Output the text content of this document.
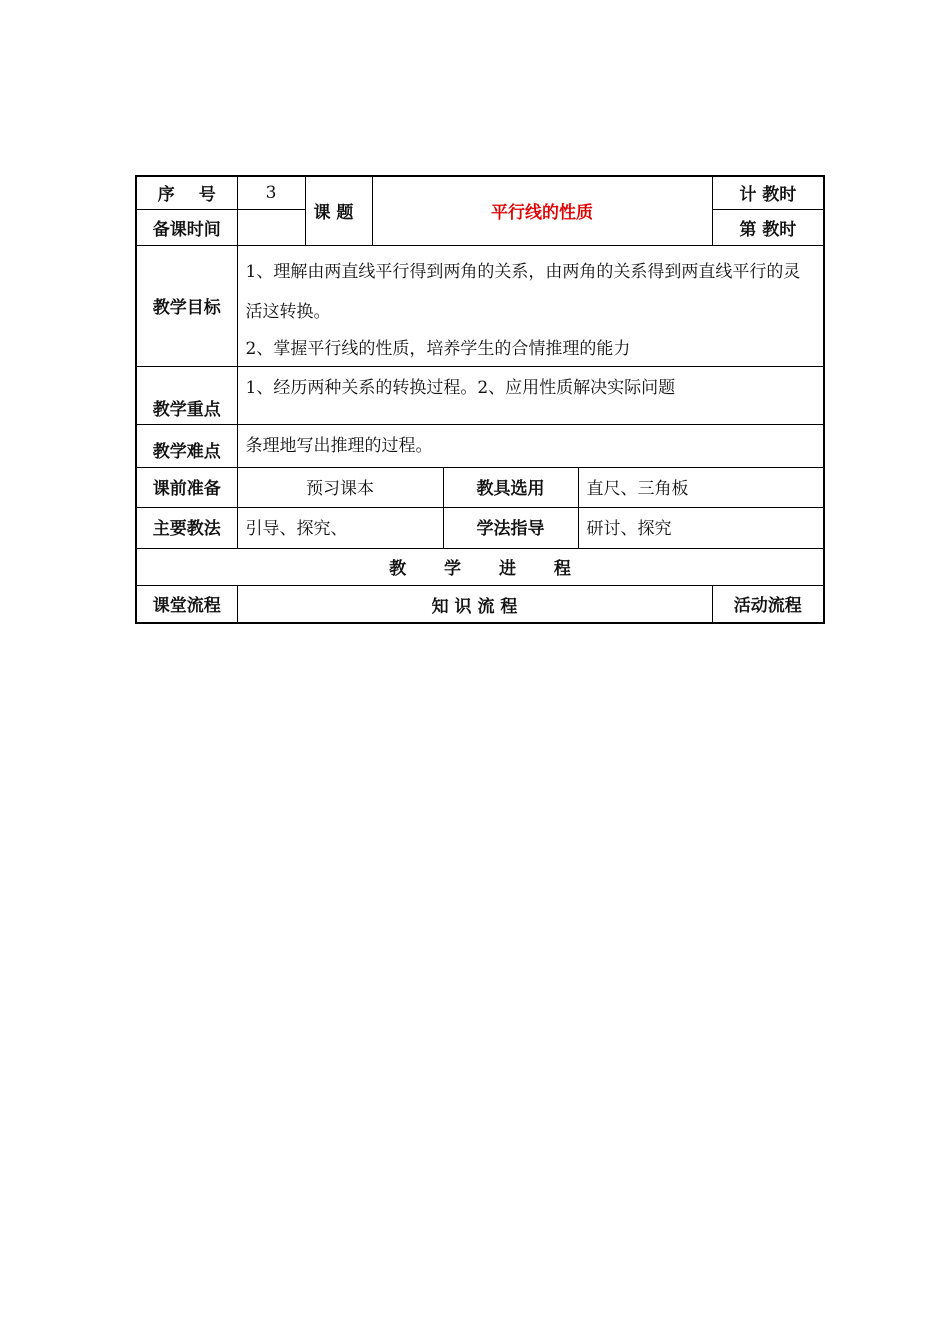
序 号	3	课 题	平行线的性质			计 教时
备课时间						第 教时
教学目标	1、理解由两直线平行得到两角的关系，由两角的关系得到两直线平行的灵活这转换。

2、掌握平行线的性质，培养学生的合情推理的能力					

教学重点	1、经历两种关系的转换过程。2、应用性质解决实际问题					
教学难点	条理地写出推理的过程。					
课前准备	预习课本			教具选用	直尺、三角板	
主要教法	引导、探究、			学法指导	研讨、探究	
教 学 进 程						
课堂流程	知 识 流 程					活动流程
